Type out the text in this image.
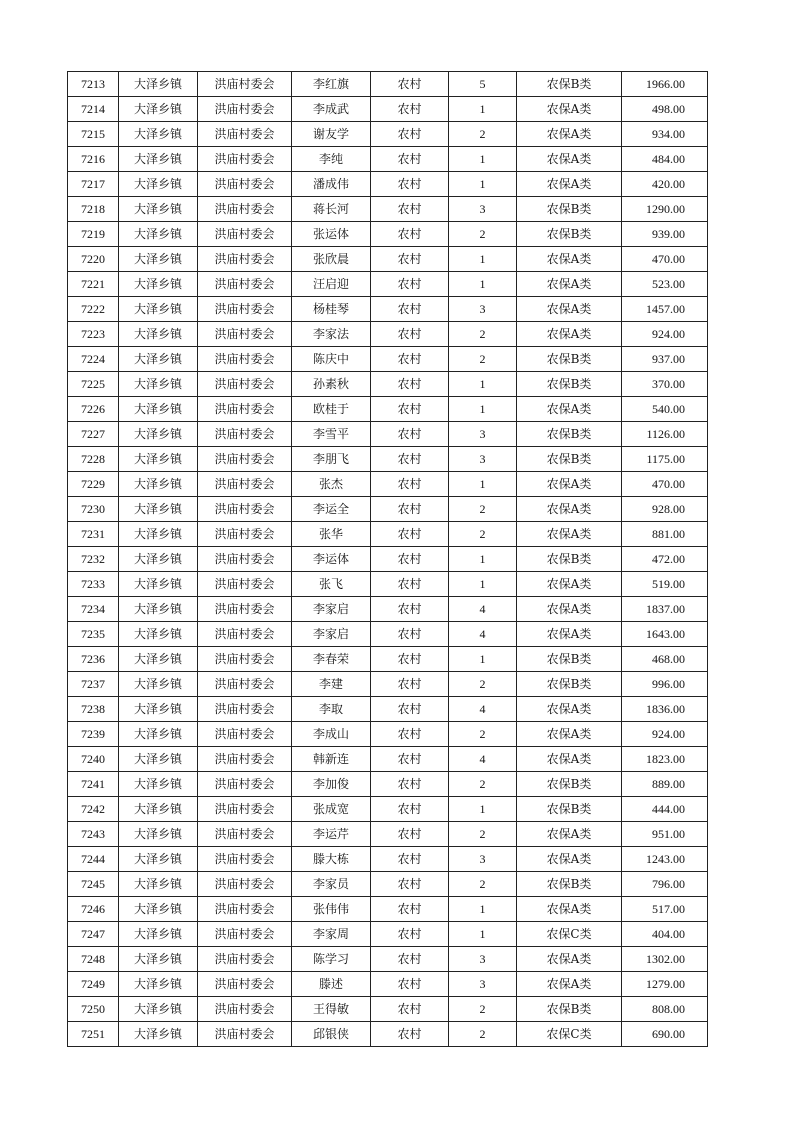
7213	大泽乡镇	洪庙村委会	李红旗	农村	5	农保B类	1966.00
7214	大泽乡镇	洪庙村委会	李成武	农村	1	农保A类	498.00
7215	大泽乡镇	洪庙村委会	谢友学	农村	2	农保A类	934.00
7216	大泽乡镇	洪庙村委会	李纯	农村	1	农保A类	484.00
7217	大泽乡镇	洪庙村委会	潘成伟	农村	1	农保A类	420.00
7218	大泽乡镇	洪庙村委会	蒋长河	农村	3	农保B类	1290.00
7219	大泽乡镇	洪庙村委会	张运体	农村	2	农保B类	939.00
7220	大泽乡镇	洪庙村委会	张欣晨	农村	1	农保A类	470.00
7221	大泽乡镇	洪庙村委会	汪启迎	农村	1	农保A类	523.00
7222	大泽乡镇	洪庙村委会	杨桂琴	农村	3	农保A类	1457.00
7223	大泽乡镇	洪庙村委会	李家法	农村	2	农保A类	924.00
7224	大泽乡镇	洪庙村委会	陈庆中	农村	2	农保B类	937.00
7225	大泽乡镇	洪庙村委会	孙素秋	农村	1	农保B类	370.00
7226	大泽乡镇	洪庙村委会	欧桂于	农村	1	农保A类	540.00
7227	大泽乡镇	洪庙村委会	李雪平	农村	3	农保B类	1126.00
7228	大泽乡镇	洪庙村委会	李朋飞	农村	3	农保B类	1175.00
7229	大泽乡镇	洪庙村委会	张杰	农村	1	农保A类	470.00
7230	大泽乡镇	洪庙村委会	李运全	农村	2	农保A类	928.00
7231	大泽乡镇	洪庙村委会	张华	农村	2	农保A类	881.00
7232	大泽乡镇	洪庙村委会	李运体	农村	1	农保B类	472.00
7233	大泽乡镇	洪庙村委会	张飞	农村	1	农保A类	519.00
7234	大泽乡镇	洪庙村委会	李家启	农村	4	农保A类	1837.00
7235	大泽乡镇	洪庙村委会	李家启	农村	4	农保A类	1643.00
7236	大泽乡镇	洪庙村委会	李春荣	农村	1	农保B类	468.00
7237	大泽乡镇	洪庙村委会	李建	农村	2	农保B类	996.00
7238	大泽乡镇	洪庙村委会	李取	农村	4	农保A类	1836.00
7239	大泽乡镇	洪庙村委会	李成山	农村	2	农保A类	924.00
7240	大泽乡镇	洪庙村委会	韩新连	农村	4	农保A类	1823.00
7241	大泽乡镇	洪庙村委会	李加俊	农村	2	农保B类	889.00
7242	大泽乡镇	洪庙村委会	张成宽	农村	1	农保B类	444.00
7243	大泽乡镇	洪庙村委会	李运芹	农村	2	农保A类	951.00
7244	大泽乡镇	洪庙村委会	滕大栋	农村	3	农保A类	1243.00
7245	大泽乡镇	洪庙村委会	李家员	农村	2	农保B类	796.00
7246	大泽乡镇	洪庙村委会	张伟伟	农村	1	农保A类	517.00
7247	大泽乡镇	洪庙村委会	李家周	农村	1	农保C类	404.00
7248	大泽乡镇	洪庙村委会	陈学习	农村	3	农保A类	1302.00
7249	大泽乡镇	洪庙村委会	滕述	农村	3	农保A类	1279.00
7250	大泽乡镇	洪庙村委会	王得敏	农村	2	农保B类	808.00
7251	大泽乡镇	洪庙村委会	邱银侠	农村	2	农保C类	690.00
